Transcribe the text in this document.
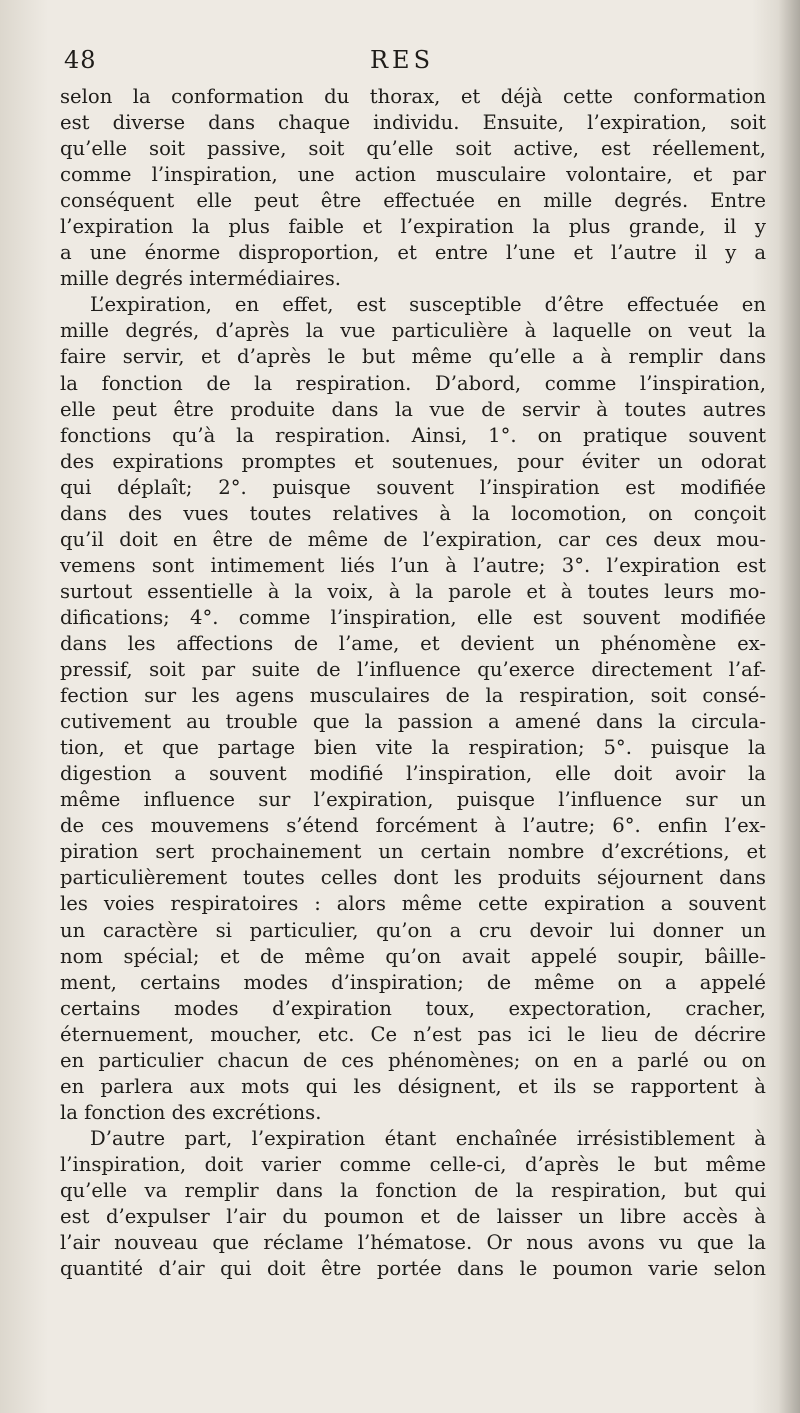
48	RES
selon la conformation du thorax, et déjà cette conformation
est diverse dans chaque individu. Ensuite, l’expiration, soit
qu’elle soit passive, soit qu’elle soit active, est réellement,
comme l’inspiration, une action musculaire volontaire, et par
conséquent elle peut être effectuée en mille degrés. Entre
l’expiration la plus faible et l’expiration la plus grande, il y
a une énorme disproportion, et entre l’une et l’autre il y a
mille degrés intermédiaires.
L’expiration, en effet, est susceptible d’être effectuée en
mille degrés, d’après la vue particulière à laquelle on veut la
faire servir, et d’après le but même qu’elle a à remplir dans
la fonction de la respiration. D’abord, comme l’inspiration,
elle peut être produite dans la vue de servir à toutes autres
fonctions qu’à la respiration. Ainsi, 1°. on pratique souvent
des expirations promptes et soutenues, pour éviter un odorat
qui déplaît; 2°. puisque souvent l’inspiration est modifiée
dans des vues toutes relatives à la locomotion, on conçoit
qu’il doit en être de même de l’expiration, car ces deux mou-
vemens sont intimement liés l’un à l’autre; 3°. l’expiration est
surtout essentielle à la voix, à la parole et à toutes leurs mo-
difications; 4°. comme l’inspiration, elle est souvent modifiée
dans les affections de l’ame, et devient un phénomène ex-
pressif, soit par suite de l’influence qu’exerce directement l’af-
fection sur les agens musculaires de la respiration, soit consé-
cutivement au trouble que la passion a amené dans la circula-
tion, et que partage bien vite la respiration; 5°. puisque la
digestion a souvent modifié l’inspiration, elle doit avoir la
même influence sur l’expiration, puisque l’influence sur un
de ces mouvemens s’étend forcément à l’autre; 6°. enfin l’ex-
piration sert prochainement un certain nombre d’excrétions, et
particulièrement toutes celles dont les produits séjournent dans
les voies respiratoires : alors même cette expiration a souvent
un caractère si particulier, qu’on a cru devoir lui donner un
nom spécial; et de même qu’on avait appelé soupir, bâille-
ment, certains modes d’inspiration; de même on a appelé
certains modes d’expiration toux, expectoration, cracher,
éternuement, moucher, etc. Ce n’est pas ici le lieu de décrire
en particulier chacun de ces phénomènes; on en a parlé ou on
en parlera aux mots qui les désignent, et ils se rapportent à
la fonction des excrétions.
D’autre part, l’expiration étant enchaînée irrésistiblement à
l’inspiration, doit varier comme celle-ci, d’après le but même
qu’elle va remplir dans la fonction de la respiration, but qui
est d’expulser l’air du poumon et de laisser un libre accès à
l’air nouveau que réclame l’hématose. Or nous avons vu que la
quantité d’air qui doit être portée dans le poumon varie selon
